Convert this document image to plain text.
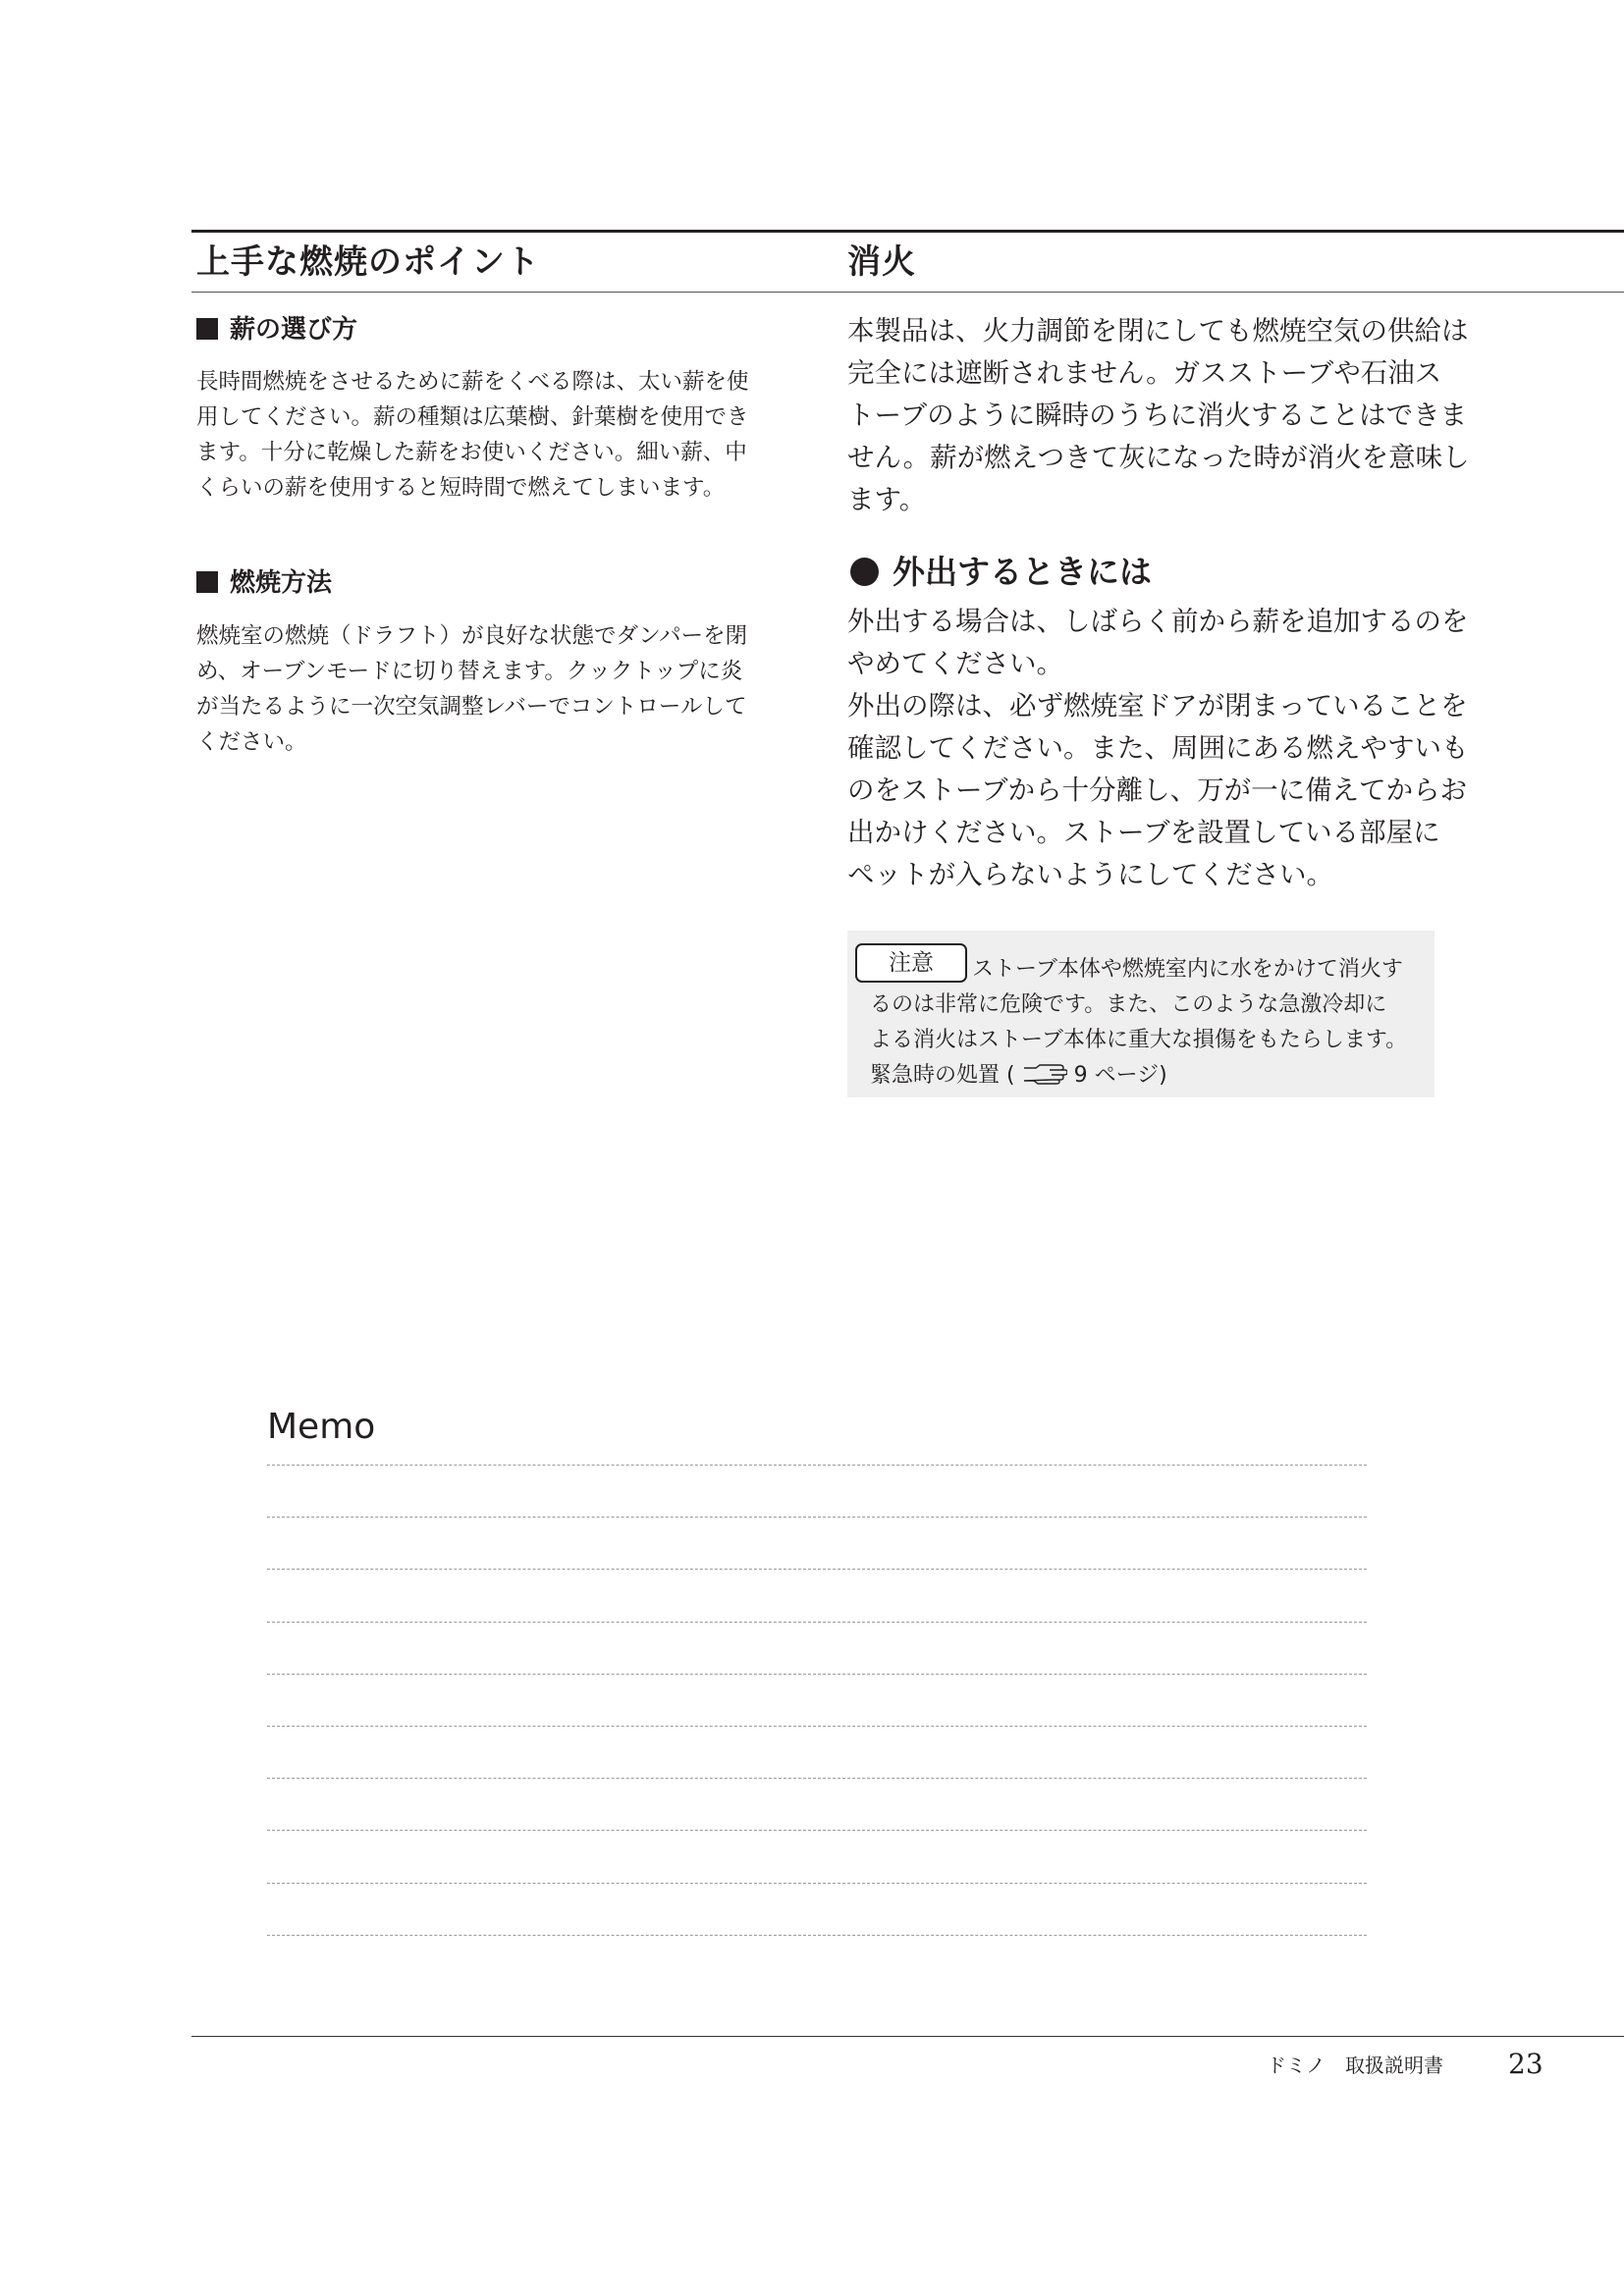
上手な燃焼のポイント
薪の選び方
長時間燃焼をさせるために薪をくべる際は、太い薪を使
用してください。薪の種類は広葉樹、針葉樹を使用でき
ます。十分に乾燥した薪をお使いください。細い薪、中
くらいの薪を使用すると短時間で燃えてしまいます。
燃焼方法
燃焼室の燃焼（ドラフト）が良好な状態でダンパーを閉
め、オーブンモードに切り替えます。クックトップに炎
が当たるように一次空気調整レバーでコントロールして
ください。
消火
本製品は、火力調節を閉にしても燃焼空気の供給は
完全には遮断されません。ガスストーブや石油ス
トーブのように瞬時のうちに消火することはできま
せん。薪が燃えつきて灰になった時が消火を意味し
ます。
外出するときには
外出する場合は、しばらく前から薪を追加するのを
やめてください。
外出の際は、必ず燃焼室ドアが閉まっていることを
確認してください。また、周囲にある燃えやすいも
のをストーブから十分離し、万が一に備えてからお
出かけください。ストーブを設置している部屋に
ペットが入らないようにしてください。
注意	ストーブ本体や燃焼室内に水をかけて消火す
るのは非常に危険です。また、このような急激冷却に
よる消火はストーブ本体に重大な損傷をもたらします。
緊急時の処置 (	9 ページ)
Memo
ドミノ　取扱説明書 23
